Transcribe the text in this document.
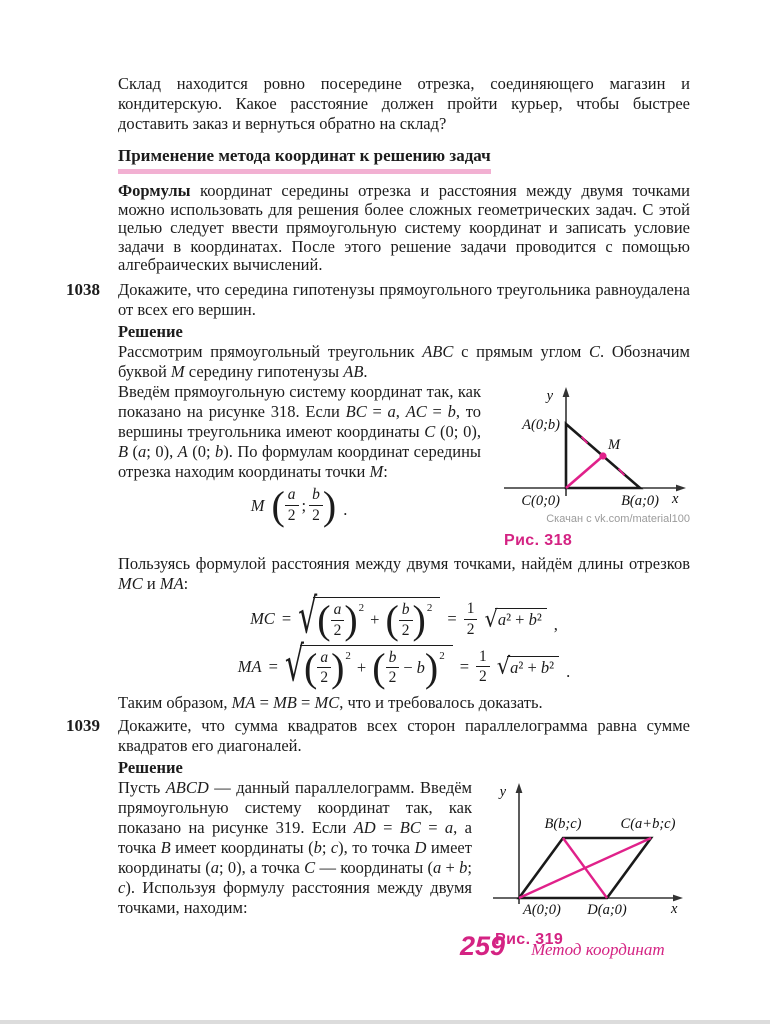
Склад находится ровно посередине отрезка, соединяющего магазин и кондитерскую. Какое расстояние должен пройти курьер, чтобы быстрее доставить заказ и вернуться обратно на склад?

Применение метода координат к решению задач

Формулы координат середины отрезка и расстояния между двумя точками можно использовать для решения более сложных геометрических задач. С этой целью следует ввести прямоугольную систему координат и записать условие задачи в координатах. После этого решение задачи проводится с помощью алгебраических вычислений.

1038 Докажите, что середина гипотенузы прямоугольного треугольника равноудалена от всех его вершин.

Решение

Рассмотрим прямоугольный треугольник ABC с прямым углом C. Обозначим буквой M середину гипотенузы AB.

y
x
A(0;b)
C(0;0)	B(a;0)
M
Скачан с vk.com/material100
Рис. 318

Введём прямоугольную систему координат так, как показано на рисунке 318. Если BC = a, AC = b, то вершины треугольника имеют координаты C (0; 0), B (a; 0), A (0; b). По формулам координат середины отрезка находим координаты точки M:

M ( $\frac{a}{2}$ ; $\frac{b}{2}$ ) .

Пользуясь формулой расстояния между двумя точками, найдём длины отрезков MC и MA:

MC = √ ( $\frac{a}{2}$ ) 2
+ ( $\frac{b}{2}$ ) 2
= $\frac{1}{2}$ √ a² + b² ,
MA = √ ( $\frac{a}{2}$ ) 2
+ ( $\frac{b}{2} - b$ ) 2
= $\frac{1}{2}$ √ a² + b² .

Таким образом, MA = MB = MC, что и требовалось доказать.

1039 Докажите, что сумма квадратов всех сторон параллелограмма равна сумме квадратов его диагоналей.

Решение
y
x
B(b;c)	C(a+b;c)
A(0;0) D(a;0)
Рис. 319

Пусть ABCD — данный параллелограмм. Введём прямоугольную систему координат так, как показано на рисунке 319. Если AD = BC = a, а точка B имеет координаты (b; c), то точка D имеет координаты (a; 0), а точка C — координаты (a + b; c). Используя формулу расстояния между двумя точками, находим:

259 Метод координат
